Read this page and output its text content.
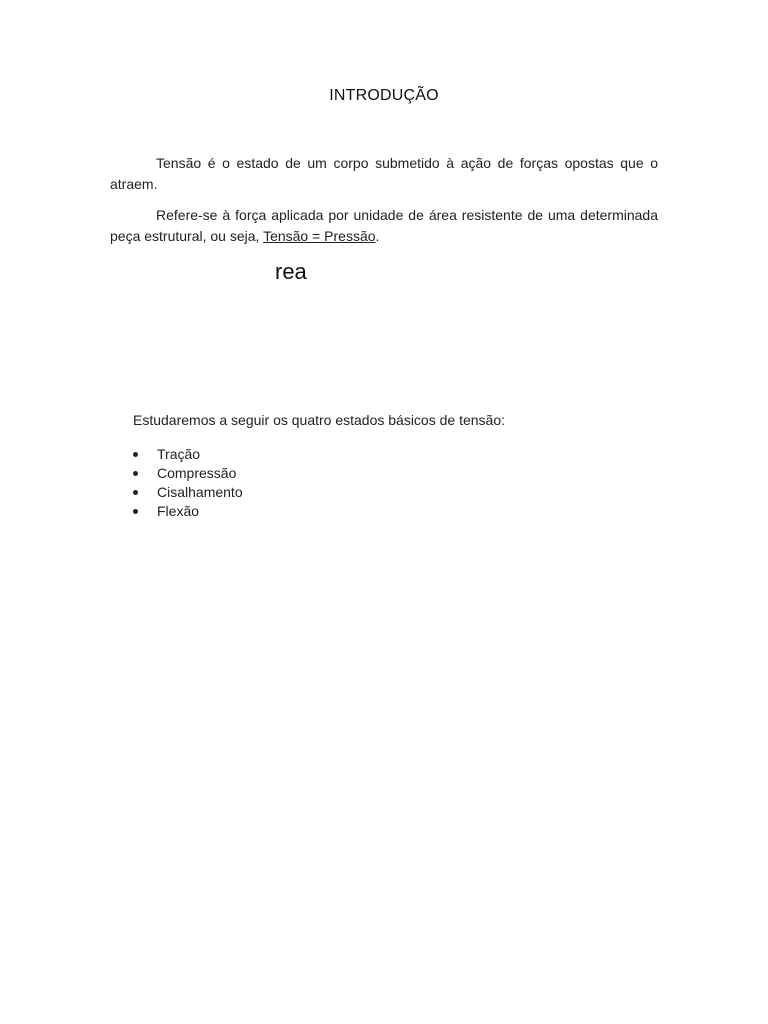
INTRODUÇÃO
Tensão é o estado de um corpo submetido à ação de forças opostas que o atraem.
Refere-se à força aplicada por unidade de área resistente de uma determinada peça estrutural, ou seja, Tensão = Pressão.
rea
Estudaremos a seguir os quatro estados básicos de tensão:
Tração
Compressão
Cisalhamento
Flexão
